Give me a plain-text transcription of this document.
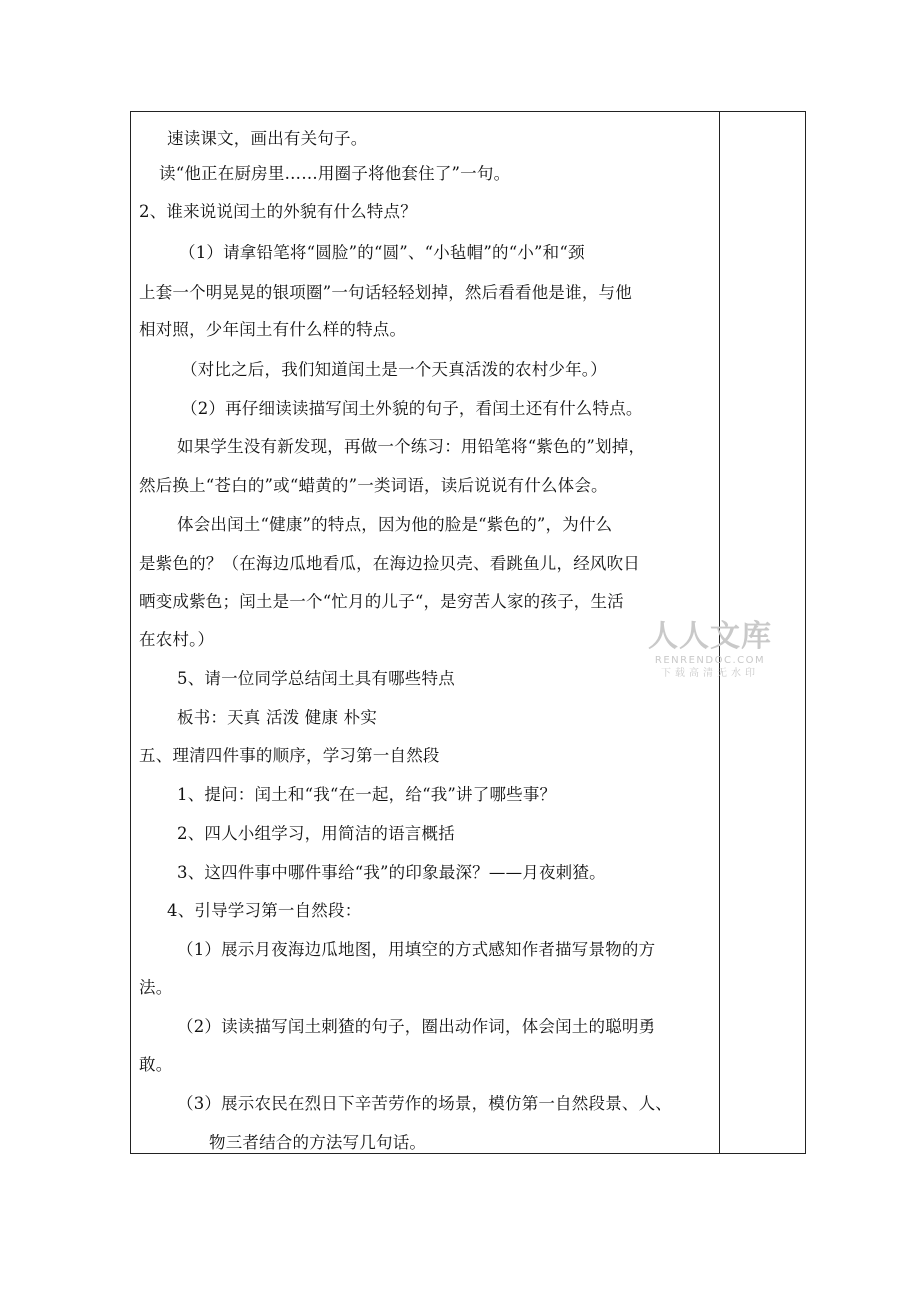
速读课文，画出有关句子。
读“他正在厨房里……用圈子将他套住了”一句。
2、谁来说说闰土的外貌有什么特点？
（1）请拿铅笔将“圆脸”的“圆”、“小毡帽”的“小”和“颈
上套一个明晃晃的银项圈”一句话轻轻划掉，然后看看他是谁，与他
相对照，少年闰土有什么样的特点。
（对比之后，我们知道闰土是一个天真活泼的农村少年。）
（2）再仔细读读描写闰土外貌的句子，看闰土还有什么特点。
如果学生没有新发现，再做一个练习：用铅笔将“紫色的”划掉，
然后换上“苍白的”或“蜡黄的”一类词语，读后说说有什么体会。
体会出闰土“健康”的特点，因为他的脸是“紫色的”，为什么
是紫色的？（在海边瓜地看瓜，在海边捡贝壳、看跳鱼儿，经风吹日
晒变成紫色；闰土是一个“忙月的儿子“，是穷苦人家的孩子，生活
在农村。）
5、请一位同学总结闰土具有哪些特点
板书：天真 活泼 健康 朴实
五、理清四件事的顺序，学习第一自然段
1、提问：闰土和“我“在一起，给“我”讲了哪些事？
2、四人小组学习，用简洁的语言概括
3、这四件事中哪件事给“我”的印象最深？——月夜刺猹。
4、引导学习第一自然段：
（1）展示月夜海边瓜地图，用填空的方式感知作者描写景物的方
法。
（2）读读描写闰土刺猹的句子，圈出动作词，体会闰土的聪明勇
敢。
（3）展示农民在烈日下辛苦劳作的场景，模仿第一自然段景、人、
物三者结合的方法写几句话。
人人文库
RENRENDOC.COM
下载高清无水印
